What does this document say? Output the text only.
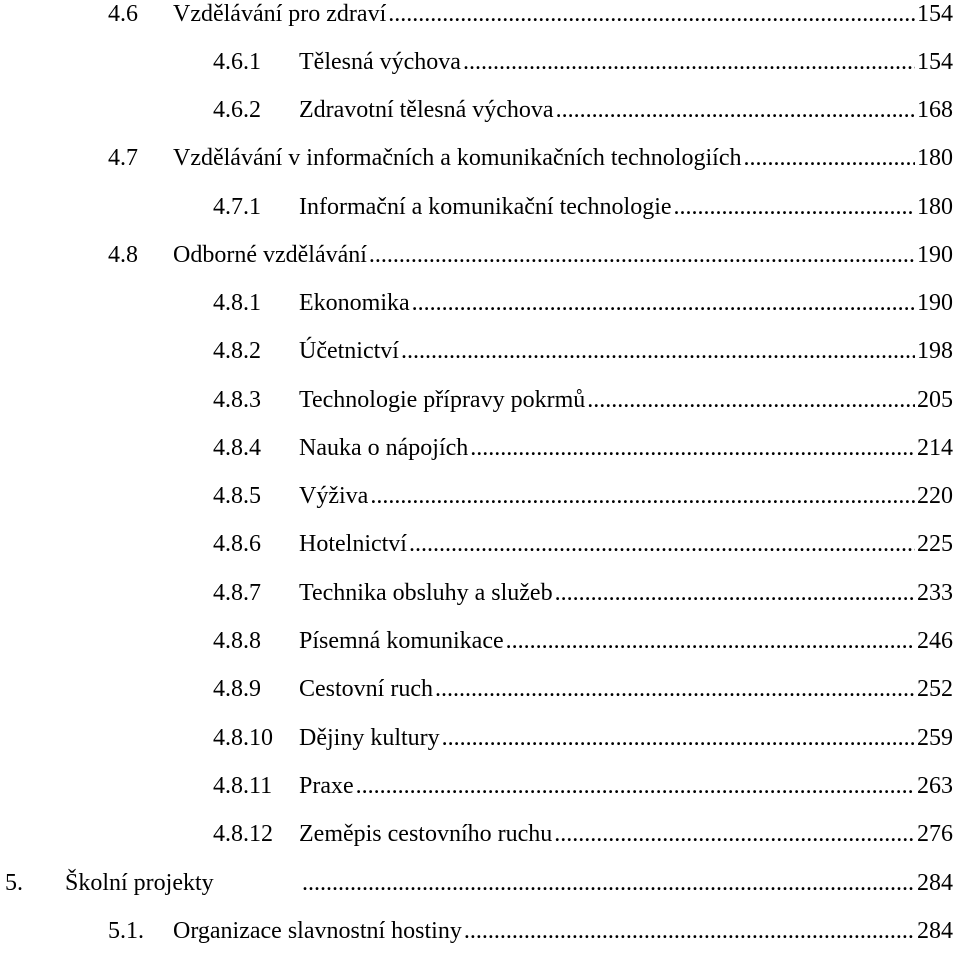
4.6	Vzdělávání pro zdraví .....	154
4.6.1	Tělesná výchova .....	154
4.6.2	Zdravotní tělesná výchova .....	168
4.7	Vzdělávání v informačních a komunikačních technologiích .....	180
4.7.1	Informační a komunikační technologie .....	180
4.8	Odborné vzdělávání .....	190
4.8.1	Ekonomika .....	190
4.8.2	Účetnictví .....	198
4.8.3	Technologie přípravy pokrmů .....	205
4.8.4	Nauka o nápojích .....	214
4.8.5	Výživa .....	220
4.8.6	Hotelnictví .....	225
4.8.7	Technika obsluhy a služeb .....	233
4.8.8	Písemná komunikace .....	246
4.8.9	Cestovní ruch .....	252
4.8.10	Dějiny kultury .....	259
4.8.11	Praxe .....	263
4.8.12	Zeměpis cestovního ruchu .....	276
5.	Školní projekty .....	284
5.1.	Organizace slavnostní hostiny .....	284
